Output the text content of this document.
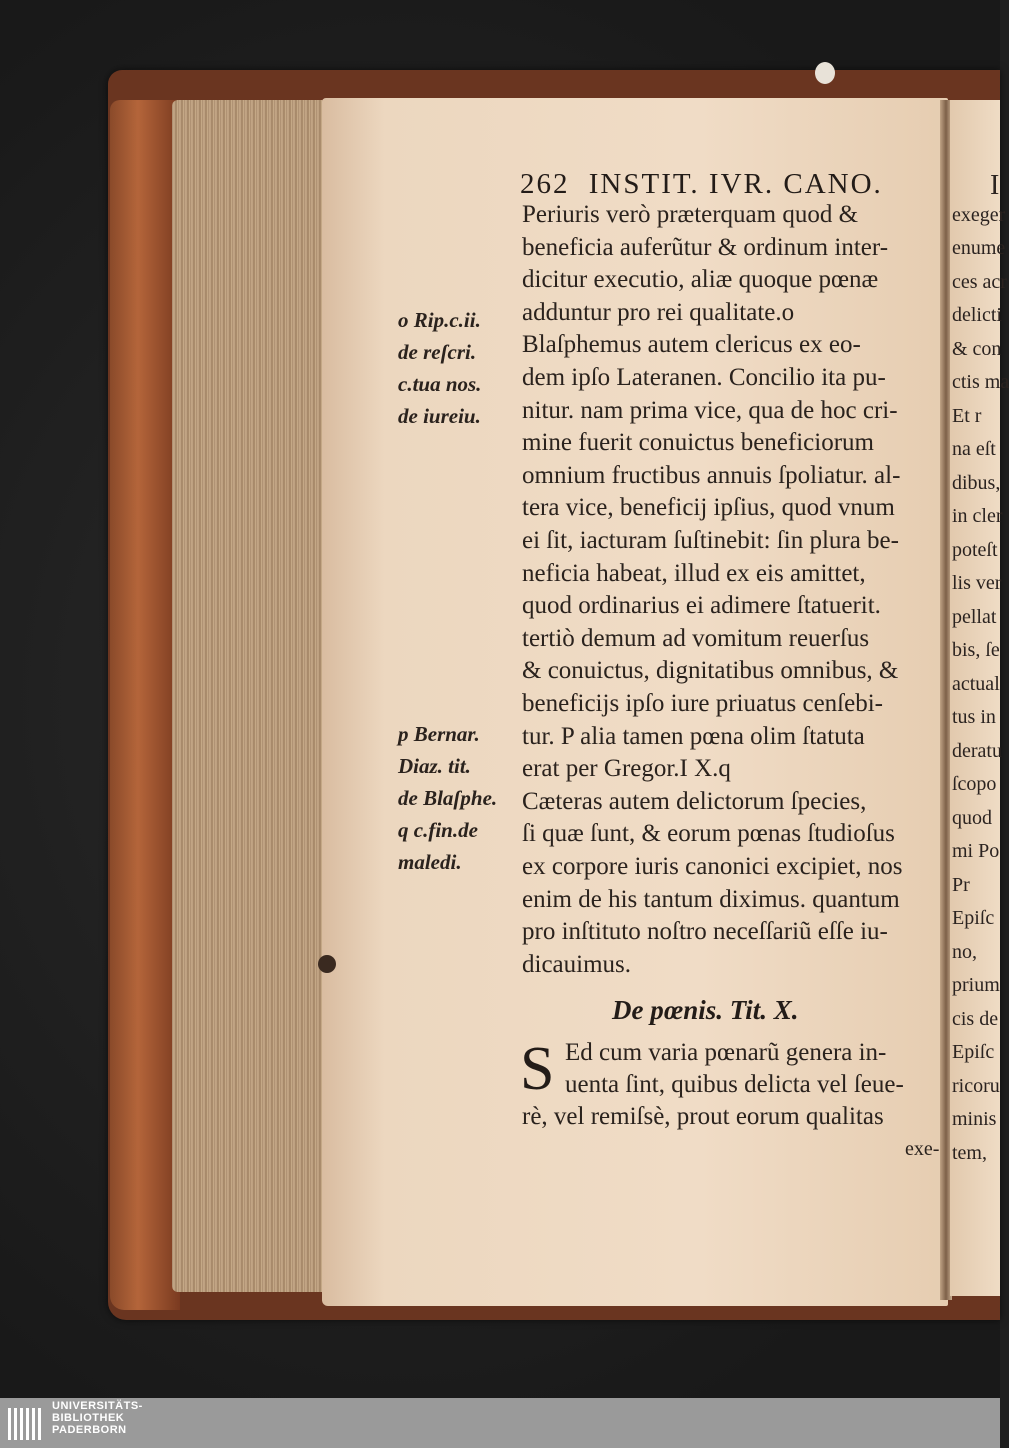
I
exeger
enume
ces acr
delicti
& con
ctis ma
Et r
na eſt
dibus,
in cler
poteſt
lis ver
pellat
bis, ſe
actual
tus in
deratu
ſcopo
quod
mi Po
Pr
Epiſc
no,
prium
cis de
Epiſc
ricoru
minis
tem,
262 INSTIT. IVR. CANO.
Periuris verò præterquam quod &
beneficia auferũtur & ordinum inter-
dicitur executio, aliæ quoque pœnæ
adduntur pro rei qualitate.o
Blaſphemus autem clericus ex eo-
dem ipſo Lateranen. Concilio ita pu-
nitur. nam prima vice, qua de hoc cri-
mine fuerit conuictus beneficiorum
omnium fructibus annuis ſpoliatur. al-
tera vice, beneficij ipſius, quod vnum
ei ſit, iacturam ſuſtinebit: ſin plura be-
neficia habeat, illud ex eis amittet,
quod ordinarius ei adimere ſtatuerit.
tertiò demum ad vomitum reuerſus
& conuictus, dignitatibus omnibus, &
beneficijs ipſo iure priuatus cenſebi-
tur. P alia tamen pœna olim ſtatuta
erat per Gregor.I X.q
Cæteras autem delictorum ſpecies,
ſi quæ ſunt, & eorum pœnas ſtudioſus
ex corpore iuris canonici excipiet, nos
enim de his tantum diximus. quantum
pro inſtituto noſtro neceſſariũ eſſe iu-
dicauimus.
o Rip.c.ii.
de reſcri.
c.tua nos.
de iureiu.
p Bernar.
Diaz. tit.
de Blaſphe.
q c.fin.de
maledi.
De pœnis. Tit. X.
S Ed cum varia pœnarũ genera in-
uenta ſint, quibus delicta vel ſeue-
rè, vel remiſsè, prout eorum qualitas
exe-
UNIVERSITÄTS-
BIBLIOTHEK
PADERBORN
